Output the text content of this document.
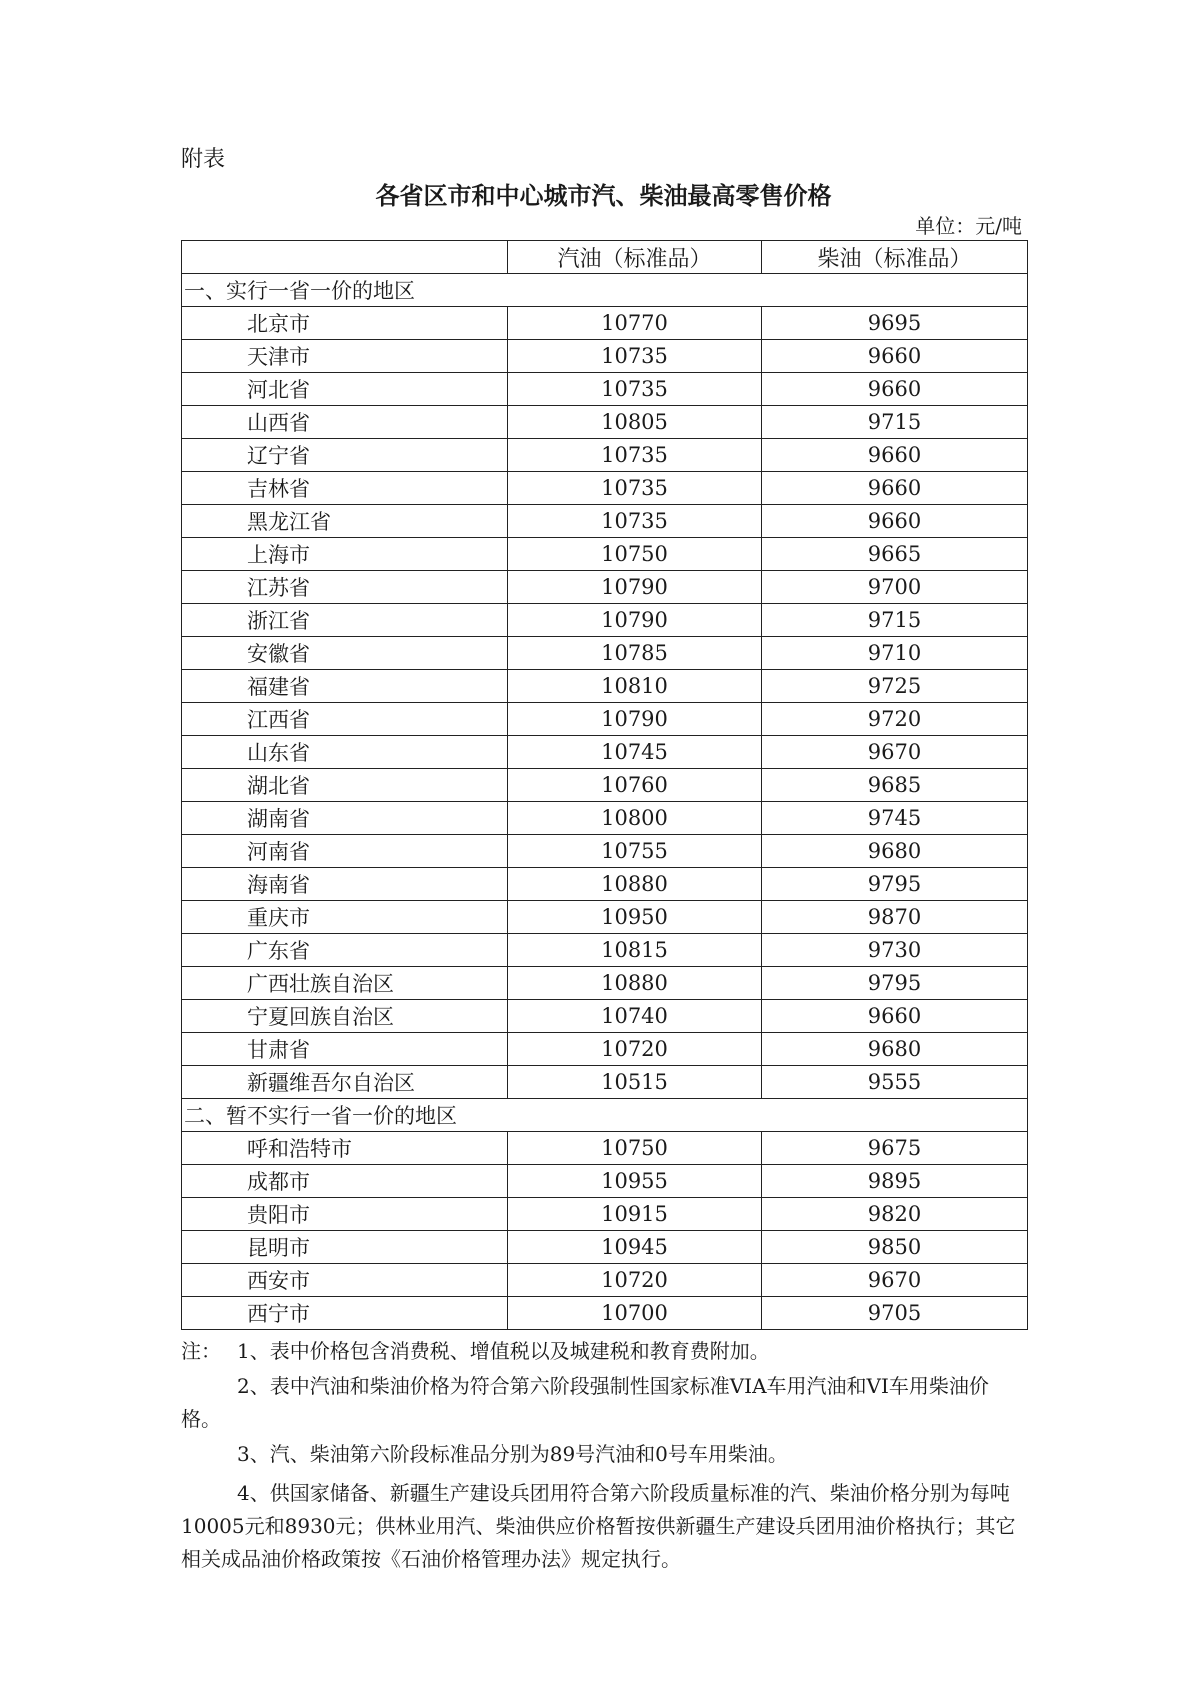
附表
各省区市和中心城市汽、柴油最高零售价格
单位：元/吨
	汽油（标准品）	柴油（标准品）
一、实行一省一价的地区		
北京市	10770	9695
天津市	10735	9660
河北省	10735	9660
山西省	10805	9715
辽宁省	10735	9660
吉林省	10735	9660
黑龙江省	10735	9660
上海市	10750	9665
江苏省	10790	9700
浙江省	10790	9715
安徽省	10785	9710
福建省	10810	9725
江西省	10790	9720
山东省	10745	9670
湖北省	10760	9685
湖南省	10800	9745
河南省	10755	9680
海南省	10880	9795
重庆市	10950	9870
广东省	10815	9730
广西壮族自治区	10880	9795
宁夏回族自治区	10740	9660
甘肃省	10720	9680
新疆维吾尔自治区	10515	9555
二、暂不实行一省一价的地区		
呼和浩特市	10750	9675
成都市	10955	9895
贵阳市	10915	9820
昆明市	10945	9850
西安市	10720	9670
西宁市	10700	9705

注： 1、表中价格包含消费税、增值税以及城建税和教育费附加。

2、表中汽油和柴油价格为符合第六阶段强制性国家标准VIA车用汽油和VI车用柴油价格。

3、汽、柴油第六阶段标准品分别为89号汽油和0号车用柴油。

4、供国家储备、新疆生产建设兵团用符合第六阶段质量标准的汽、柴油价格分别为每吨10005元和8930元；供林业用汽、柴油供应价格暂按供新疆生产建设兵团用油价格执行；其它相关成品油价格政策按《石油价格管理办法》规定执行。
